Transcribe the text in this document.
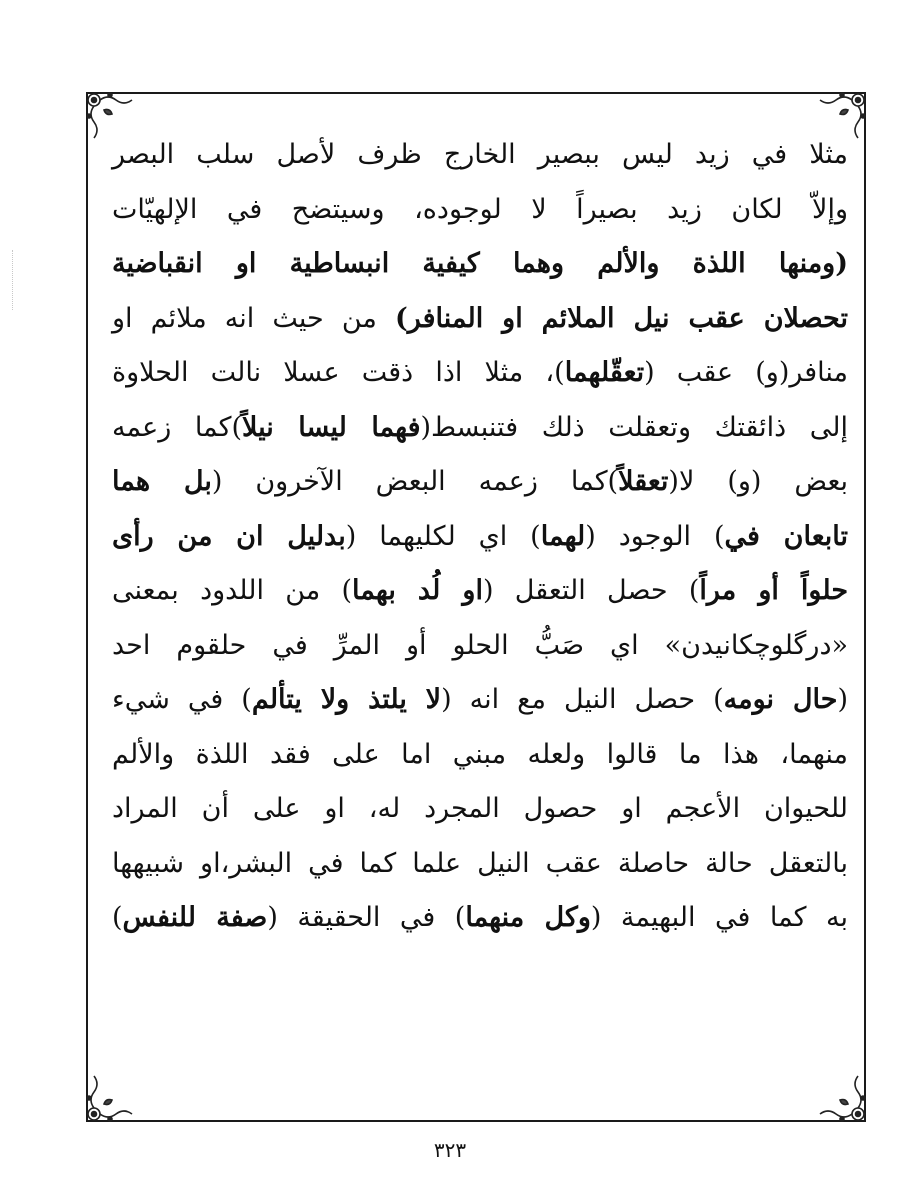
مثلا في زيد ليس ببصير الخارج ظرف لأصل سلب البصر
وإلاّ لكان زيد بصيراً لا لوجوده، وسيتضح في الإلهيّات
(ومنها اللذة والألم وهما كيفية انبساطية او انقباضية
تحصلان عقب نيل الملائم او المنافر) من حيث انه ملائم او
منافر(و) عقب (تعقّلهما)، مثلا اذا ذقت عسلا نالت الحلاوة
إلى ذائقتك وتعقلت ذلك فتنبسط(فهما ليسا نيلاً)كما زعمه
بعض (و) لا(تعقلاً)كما زعمه البعض الآخرون (بل هما
تابعان في) الوجود (لهما) اي لكليهما (بدليل ان من رأى
حلواً أو مراً) حصل التعقل (او لُد بهما) من اللدود بمعنى
«درگلوچكانيدن» اي صَبُّ الحلو أو المرِّ في حلقوم احد
(حال نومه) حصل النيل مع انه (لا يلتذ ولا يتألم) في شيء
منهما، هذا ما قالوا ولعله مبني اما على فقد اللذة والألم
للحيوان الأعجم او حصول المجرد له، او على أن المراد
بالتعقل حالة حاصلة عقب النيل علما كما في البشر،او شبيهها
به كما في البهيمة (وكل منهما) في الحقيقة (صفة للنفس)
٣٢٣
